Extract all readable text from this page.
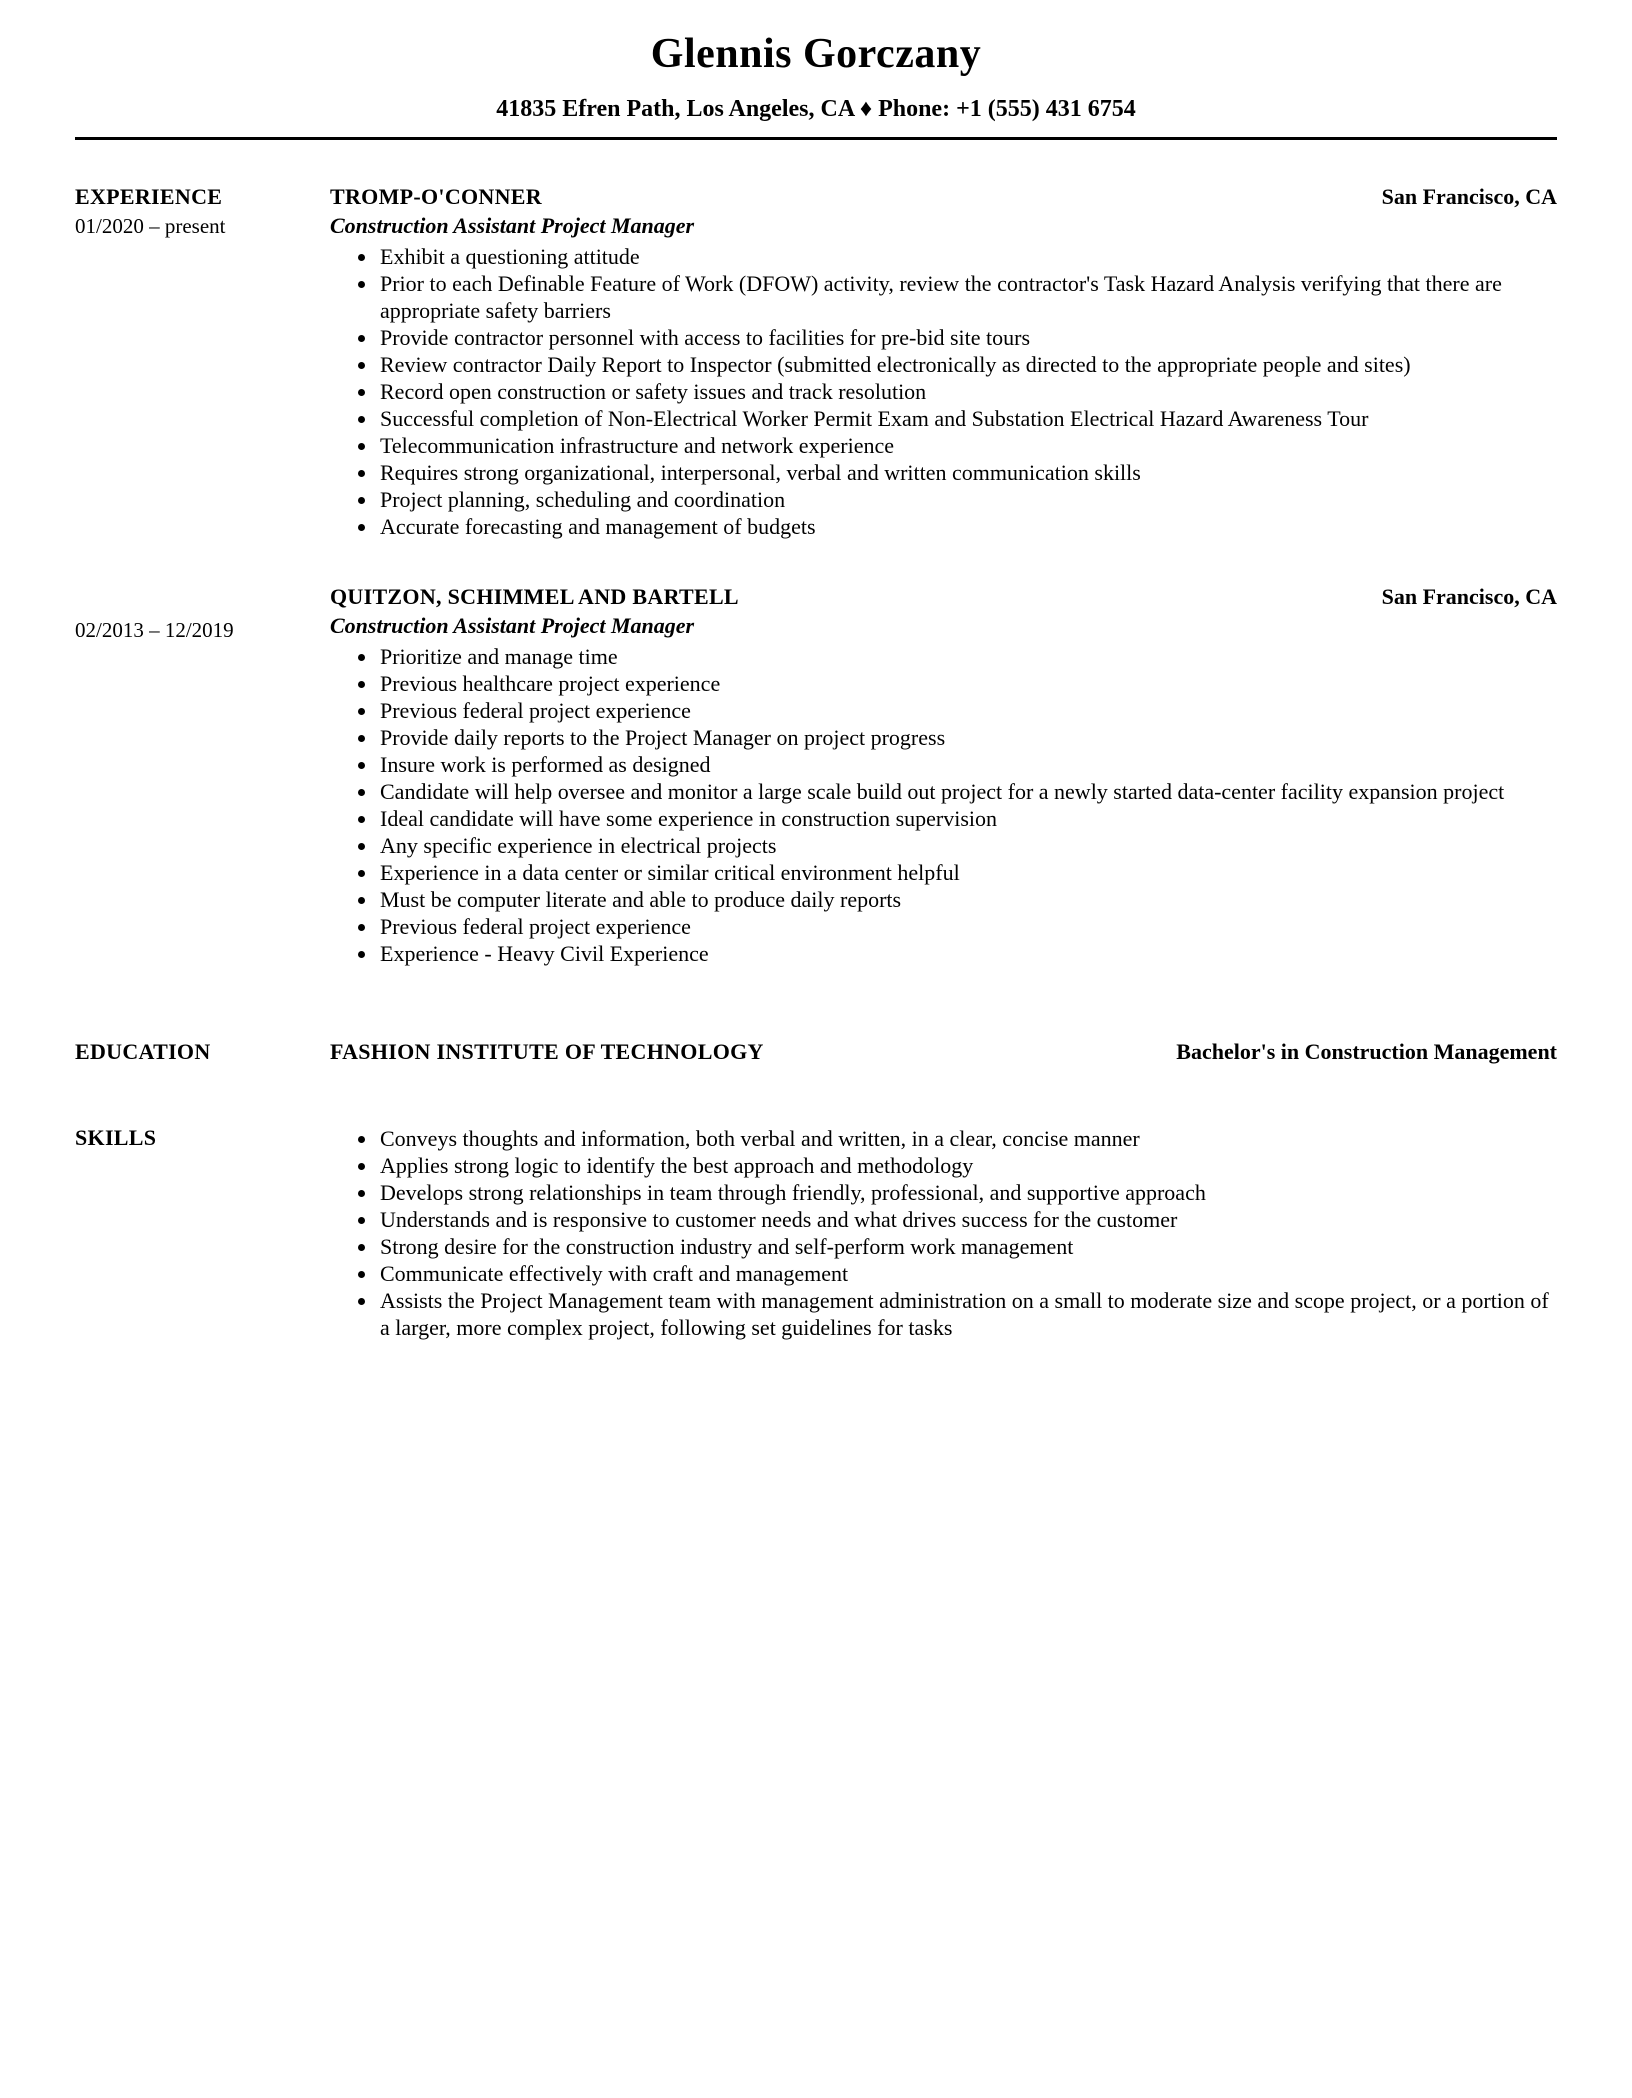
Glennis Gorczany
41835 Efren Path, Los Angeles, CA ♦ Phone: +1 (555) 431 6754
EXPERIENCE
01/2020 – present
TROMP-O'CONNER	San Francisco, CA
Construction Assistant Project Manager
• Exhibit a questioning attitude
• Prior to each Definable Feature of Work (DFOW) activity, review the contractor's Task Hazard Analysis verifying that there are appropriate safety barriers
• Provide contractor personnel with access to facilities for pre-bid site tours
• Review contractor Daily Report to Inspector (submitted electronically as directed to the appropriate people and sites)
• Record open construction or safety issues and track resolution
• Successful completion of Non-Electrical Worker Permit Exam and Substation Electrical Hazard Awareness Tour
• Telecommunication infrastructure and network experience
• Requires strong organizational, interpersonal, verbal and written communication skills
• Project planning, scheduling and coordination
• Accurate forecasting and management of budgets
02/2013 – 12/2019
QUITZON, SCHIMMEL AND BARTELL	San Francisco, CA
Construction Assistant Project Manager
• Prioritize and manage time
• Previous healthcare project experience
• Previous federal project experience
• Provide daily reports to the Project Manager on project progress
• Insure work is performed as designed
• Candidate will help oversee and monitor a large scale build out project for a newly started data-center facility expansion project
• Ideal candidate will have some experience in construction supervision
• Any specific experience in electrical projects
• Experience in a data center or similar critical environment helpful
• Must be computer literate and able to produce daily reports
• Previous federal project experience
• Experience - Heavy Civil Experience
EDUCATION	FASHION INSTITUTE OF TECHNOLOGY	Bachelor's in Construction Management
SKILLS	• Conveys thoughts and information, both verbal and written, in a clear, concise manner
• Applies strong logic to identify the best approach and methodology
• Develops strong relationships in team through friendly, professional, and supportive approach
• Understands and is responsive to customer needs and what drives success for the customer
• Strong desire for the construction industry and self-perform work management
• Communicate effectively with craft and management
• Assists the Project Management team with management administration on a small to moderate size and scope project, or a portion of a larger, more complex project, following set guidelines for tasks
